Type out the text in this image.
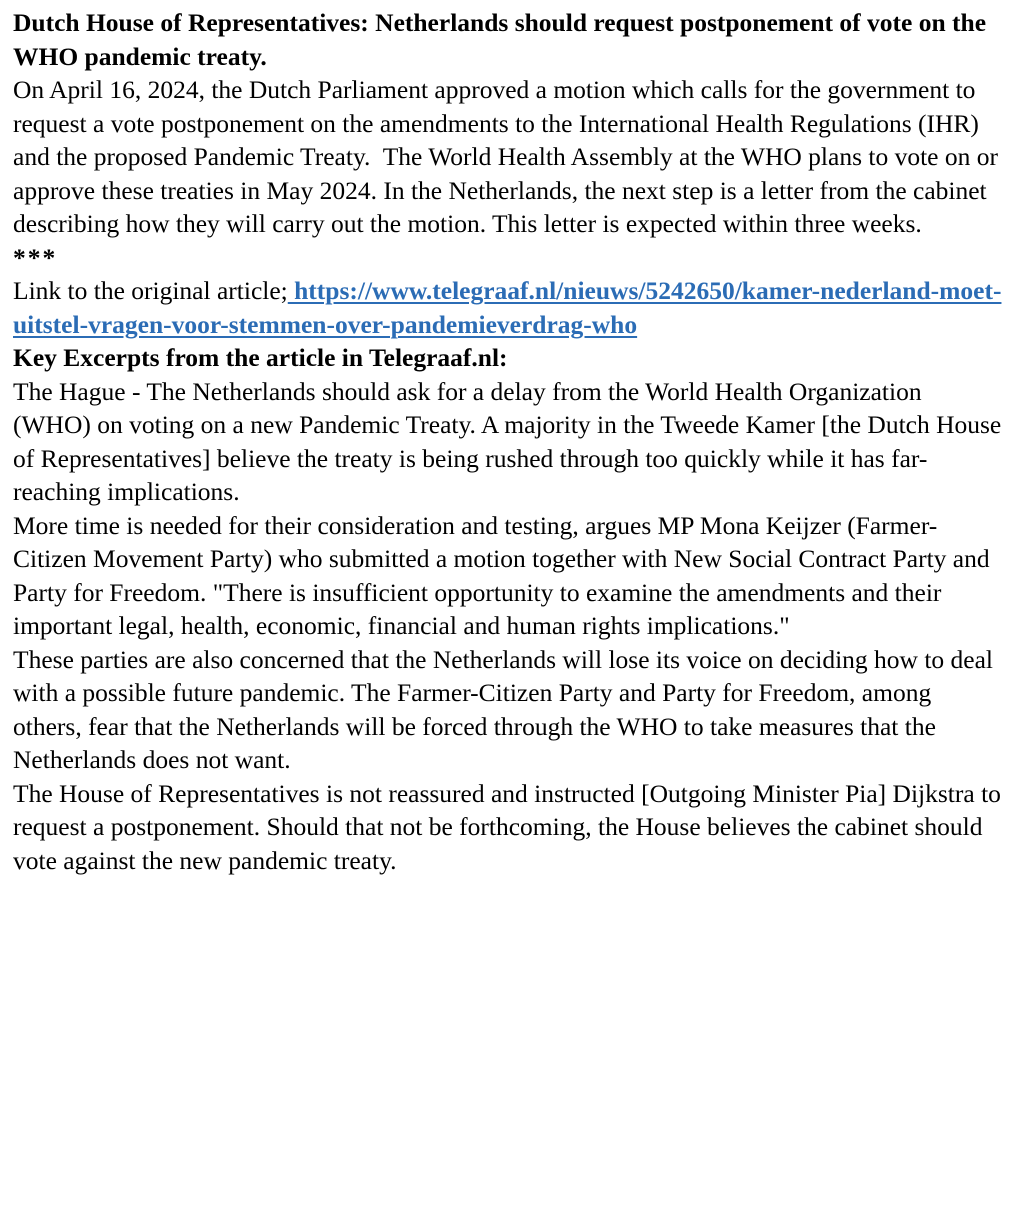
Dutch House of Representatives: Netherlands should request postponement of vote on the WHO pandemic treaty.

On April 16, 2024, the Dutch Parliament approved a motion which calls for the government to request a vote postponement on the amendments to the International Health Regulations (IHR) and the proposed Pandemic Treaty.  The World Health Assembly at the WHO plans to vote on or approve these treaties in May 2024. In the Netherlands, the next step is a letter from the cabinet describing how they will carry out the motion. This letter is expected within three weeks.

***

Link to the original article; https://www.telegraaf.nl/nieuws/5242650/kamer-nederland-moet-uitstel-vragen-voor-stemmen-over-pandemieverdrag-who

Key Excerpts from the article in Telegraaf.nl:

The Hague - The Netherlands should ask for a delay from the World Health Organization (WHO) on voting on a new Pandemic Treaty. A majority in the Tweede Kamer [the Dutch House of Representatives] believe the treaty is being rushed through too quickly while it has far-reaching implications.

More time is needed for their consideration and testing, argues MP Mona Keijzer (Farmer-Citizen Movement Party) who submitted a motion together with New Social Contract Party and Party for Freedom. "There is insufficient opportunity to examine the amendments and their important legal, health, economic, financial and human rights implications."

These parties are also concerned that the Netherlands will lose its voice on deciding how to deal with a possible future pandemic. The Farmer-Citizen Party and Party for Freedom, among others, fear that the Netherlands will be forced through the WHO to take measures that the Netherlands does not want.

The House of Representatives is not reassured and instructed [Outgoing Minister Pia] Dijkstra to request a postponement. Should that not be forthcoming, the House believes the cabinet should vote against the new pandemic treaty.
